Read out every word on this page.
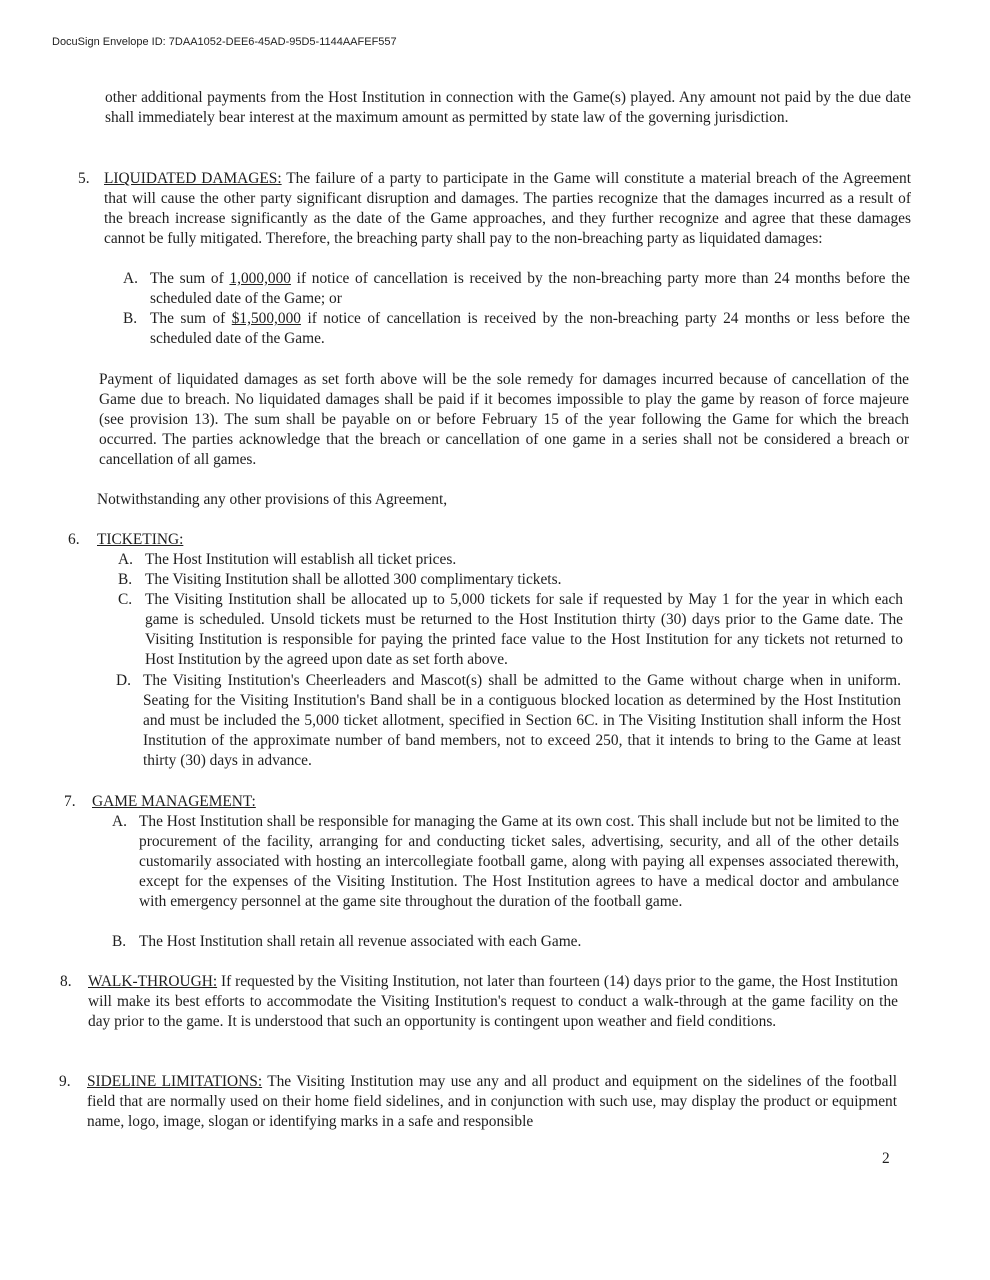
DocuSign Envelope ID: 7DAA1052-DEE6-45AD-95D5-1144AAFEF557

other additional payments from the Host Institution in connection with the Game(s) played. Any amount not paid by the due date shall immediately bear interest at the maximum amount as permitted by state law of the governing jurisdiction.

5. LIQUIDATED DAMAGES: The failure of a party to participate in the Game will constitute a material breach of the Agreement that will cause the other party significant disruption and damages. The parties recognize that the damages incurred as a result of the breach increase significantly as the date of the Game approaches, and they further recognize and agree that these damages cannot be fully mitigated. Therefore, the breaching party shall pay to the non-breaching party as liquidated damages:

A. The sum of 1,000,000 if notice of cancellation is received by the non-breaching party more than 24 months before the scheduled date of the Game; or

B. The sum of $1,500,000 if notice of cancellation is received by the non-breaching party 24 months or less before the scheduled date of the Game.

Payment of liquidated damages as set forth above will be the sole remedy for damages incurred because of cancellation of the Game due to breach. No liquidated damages shall be paid if it becomes impossible to play the game by reason of force majeure (see provision 13). The sum shall be payable on or before February 15 of the year following the Game for which the breach occurred. The parties acknowledge that the breach or cancellation of one game in a series shall not be considered a breach or cancellation of all games.

Notwithstanding any other provisions of this Agreement,

6. TICKETING:
A. The Host Institution will establish all ticket prices.

B. The Visiting Institution shall be allotted 300 complimentary tickets.

C. The Visiting Institution shall be allocated up to 5,000 tickets for sale if requested by May 1 for the year in which each game is scheduled. Unsold tickets must be returned to the Host Institution thirty (30) days prior to the Game date. The Visiting Institution is responsible for paying the printed face value to the Host Institution for any tickets not returned to Host Institution by the agreed upon date as set forth above.

D. The Visiting Institution's Cheerleaders and Mascot(s) shall be admitted to the Game without charge when in uniform. Seating for the Visiting Institution's Band shall be in a contiguous blocked location as determined by the Host Institution and must be included the 5,000 ticket allotment, specified in Section 6C. in The Visiting Institution shall inform the Host Institution of the approximate number of band members, not to exceed 250, that it intends to bring to the Game at least thirty (30) days in advance.

7. GAME MANAGEMENT:
A. The Host Institution shall be responsible for managing the Game at its own cost. This shall include but not be limited to the procurement of the facility, arranging for and conducting ticket sales, advertising, security, and all of the other details customarily associated with hosting an intercollegiate football game, along with paying all expenses associated therewith, except for the expenses of the Visiting Institution. The Host Institution agrees to have a medical doctor and ambulance with emergency personnel at the game site throughout the duration of the football game.

B. The Host Institution shall retain all revenue associated with each Game.

8. WALK-THROUGH: If requested by the Visiting Institution, not later than fourteen (14) days prior to the game, the Host Institution will make its best efforts to accommodate the Visiting Institution's request to conduct a walk-through at the game facility on the day prior to the game. It is understood that such an opportunity is contingent upon weather and field conditions.

9. SIDELINE LIMITATIONS: The Visiting Institution may use any and all product and equipment on the sidelines of the football field that are normally used on their home field sidelines, and in conjunction with such use, may display the product or equipment name, logo, image, slogan or identifying marks in a safe and responsible

2
